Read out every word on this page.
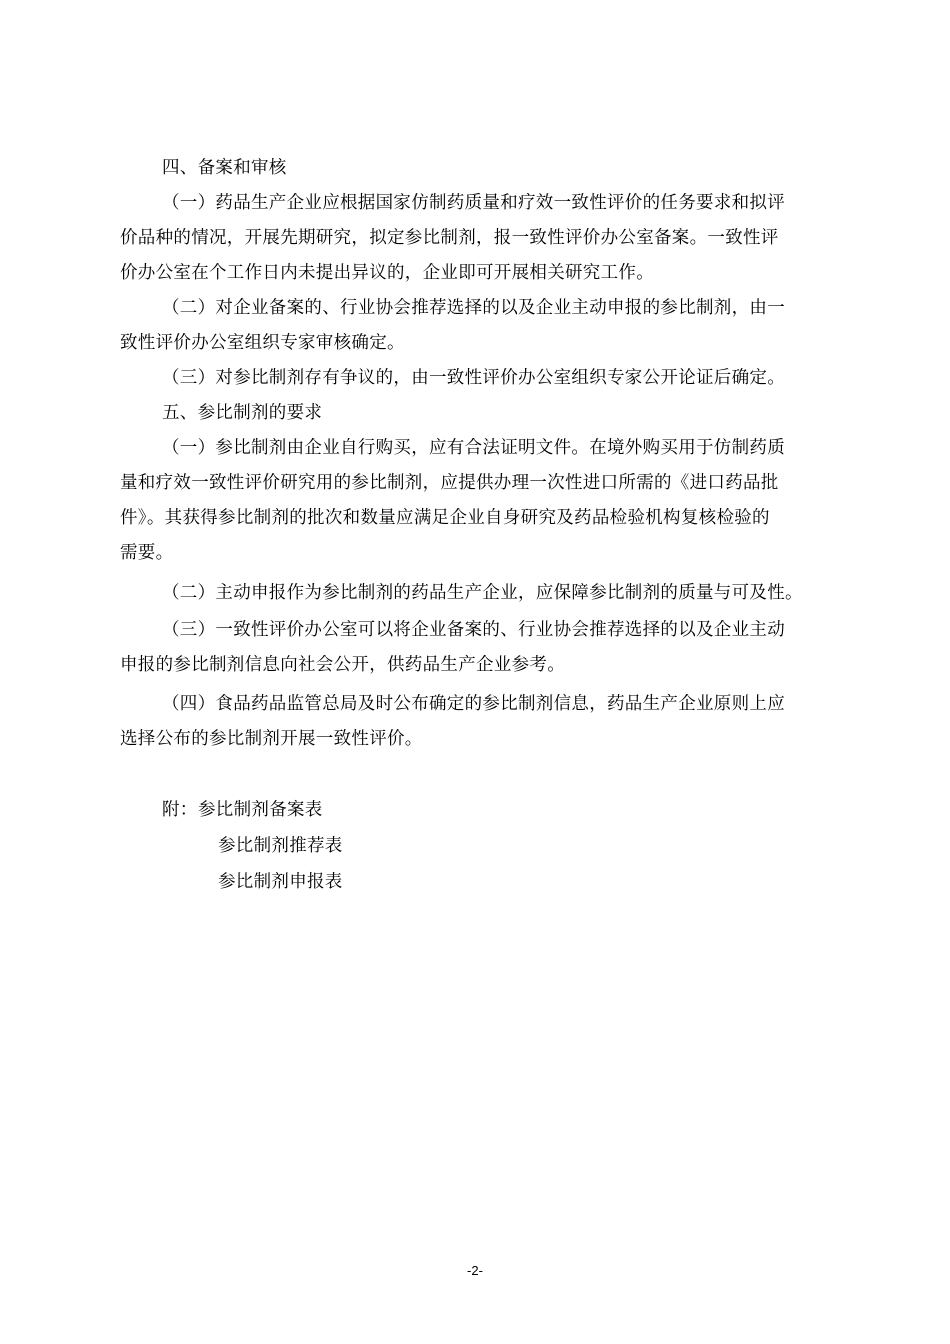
四、备案和审核
（一）药品生产企业应根据国家仿制药质量和疗效一致性评价的任务要求和拟评
价品种的情况，开展先期研究，拟定参比制剂，报一致性评价办公室备案。一致性评
价办公室在个工作日内未提出异议的，企业即可开展相关研究工作。
（二）对企业备案的、行业协会推荐选择的以及企业主动申报的参比制剂，由一
致性评价办公室组织专家审核确定。
（三）对参比制剂存有争议的，由一致性评价办公室组织专家公开论证后确定。
五、参比制剂的要求
（一）参比制剂由企业自行购买，应有合法证明文件。在境外购买用于仿制药质
量和疗效一致性评价研究用的参比制剂，应提供办理一次性进口所需的《进口药品批
件》。其获得参比制剂的批次和数量应满足企业自身研究及药品检验机构复核检验的
需要。
（二）主动申报作为参比制剂的药品生产企业，应保障参比制剂的质量与可及性。
（三）一致性评价办公室可以将企业备案的、行业协会推荐选择的以及企业主动
申报的参比制剂信息向社会公开，供药品生产企业参考。
（四）食品药品监管总局及时公布确定的参比制剂信息，药品生产企业原则上应
选择公布的参比制剂开展一致性评价。
附： 参比制剂备案表
参比制剂推荐表
参比制剂申报表
-2-
